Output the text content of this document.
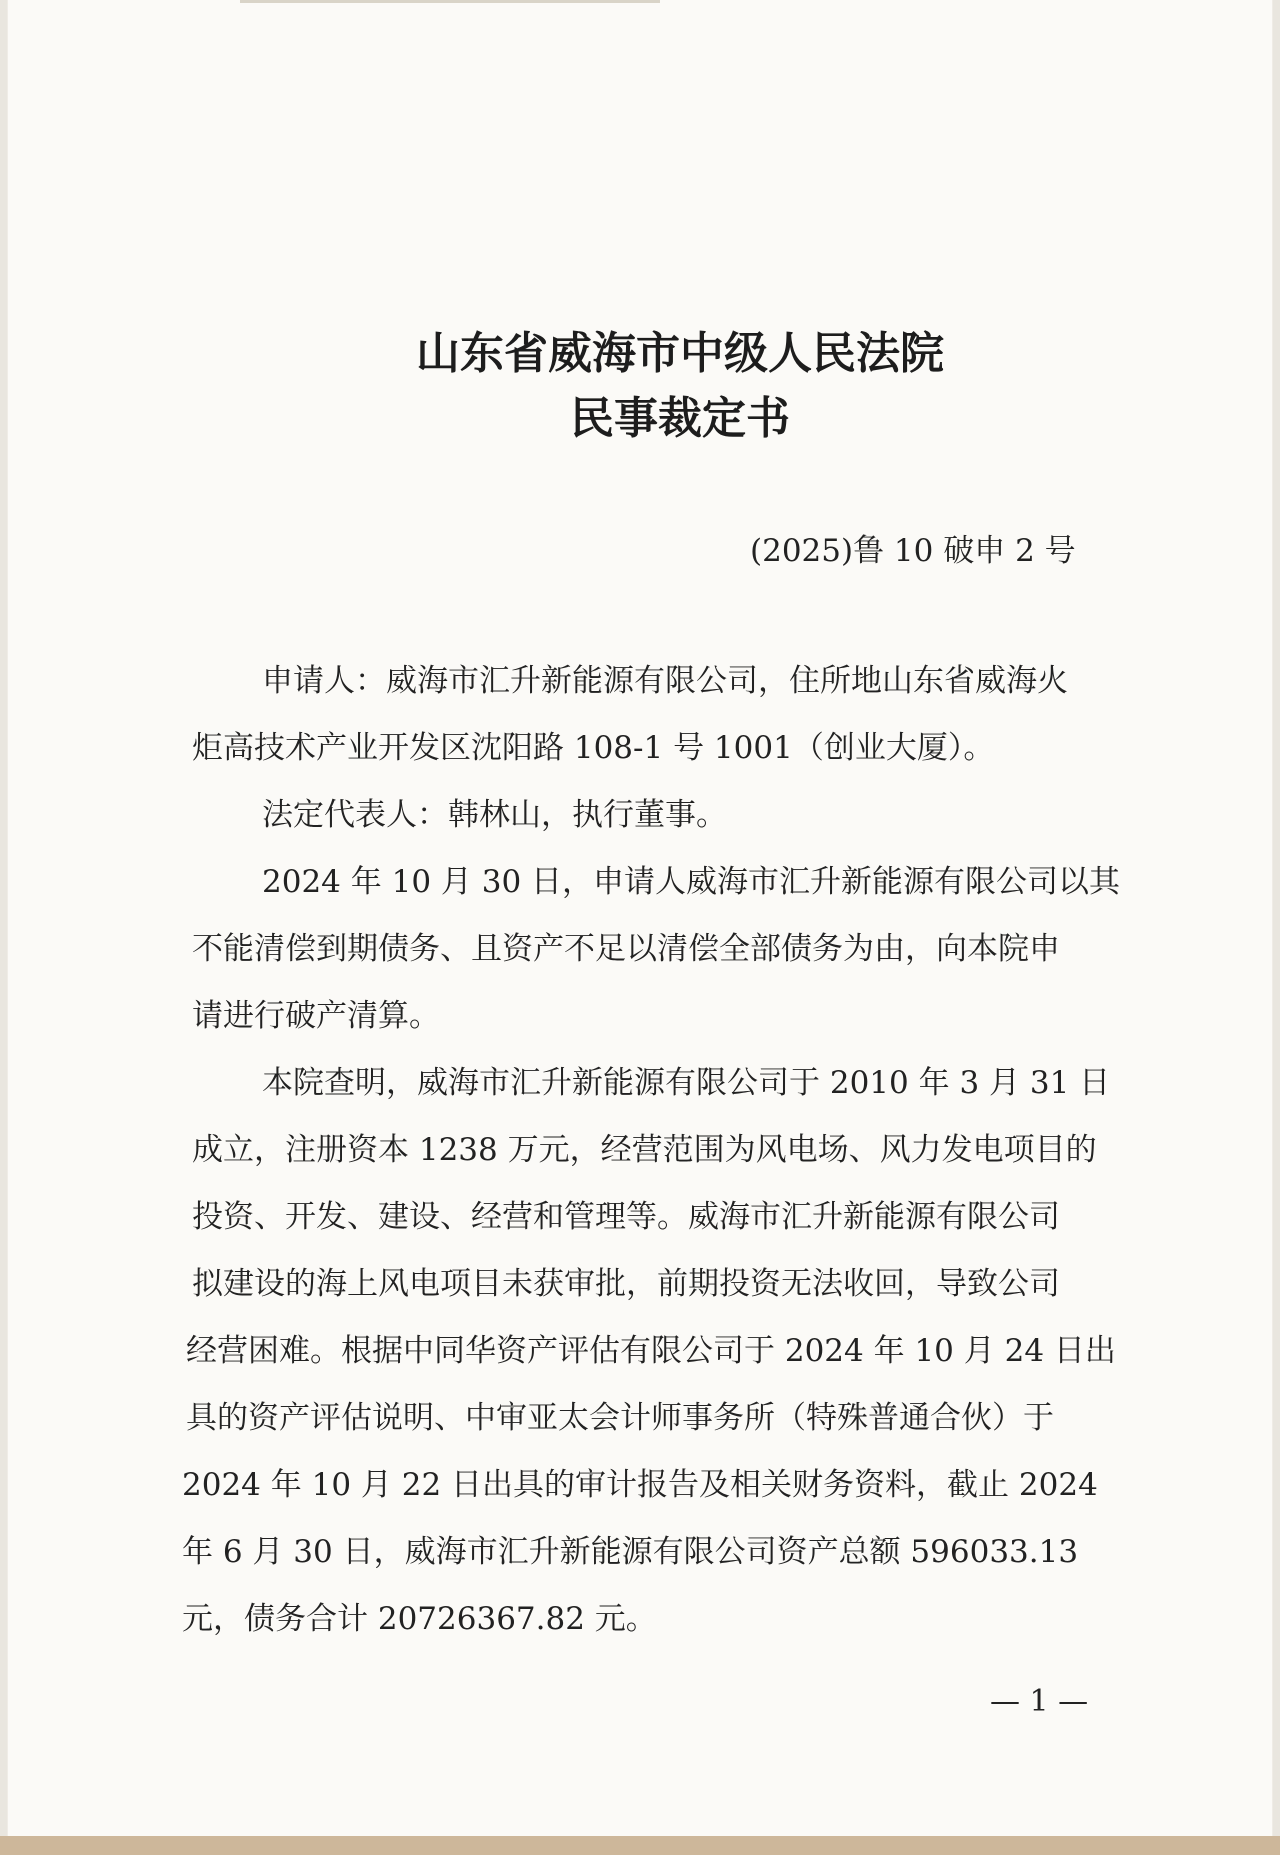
山东省威海市中级人民法院
民事裁定书
(2025)鲁 10 破申 2 号
申请人：威海市汇升新能源有限公司，住所地山东省威海火
炬高技术产业开发区沈阳路 108-1 号 1001（创业大厦）。
法定代表人：韩林山，执行董事。
2024 年 10 月 30 日，申请人威海市汇升新能源有限公司以其
不能清偿到期债务、且资产不足以清偿全部债务为由，向本院申
请进行破产清算。
本院查明，威海市汇升新能源有限公司于 2010 年 3 月 31 日
成立，注册资本 1238 万元，经营范围为风电场、风力发电项目的
投资、开发、建设、经营和管理等。威海市汇升新能源有限公司
拟建设的海上风电项目未获审批，前期投资无法收回，导致公司
经营困难。根据中同华资产评估有限公司于 2024 年 10 月 24 日出
具的资产评估说明、中审亚太会计师事务所（特殊普通合伙）于
2024 年 10 月 22 日出具的审计报告及相关财务资料，截止 2024
年 6 月 30 日，威海市汇升新能源有限公司资产总额 596033.13
元，债务合计 20726367.82 元。
— 1 —
